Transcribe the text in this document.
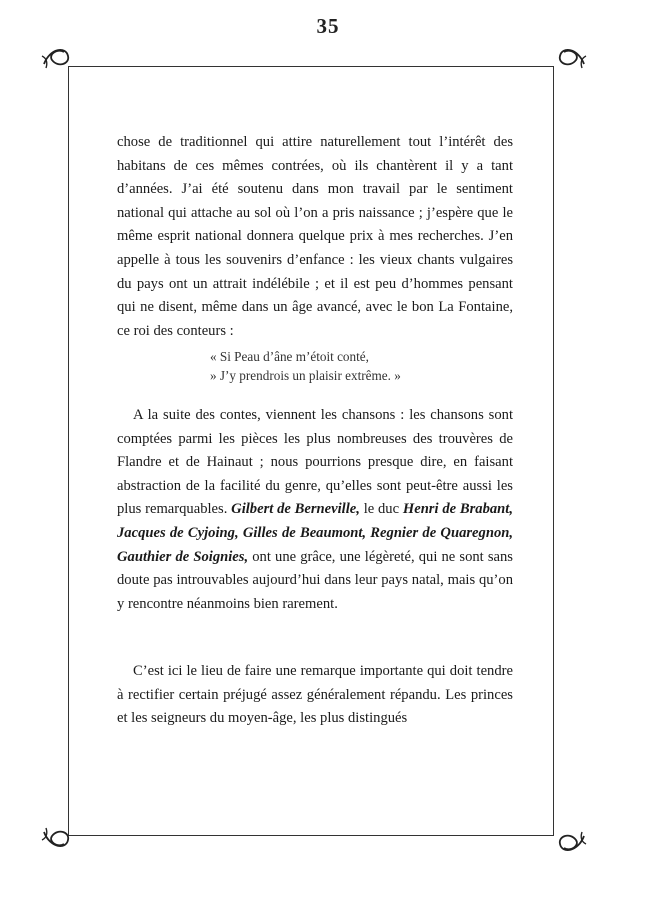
35

chose de traditionnel qui attire naturellement tout l’intérêt des habitans de ces mêmes contrées, où ils chantèrent il y a tant d’années. J’ai été soutenu dans mon travail par le sentiment national qui attache au sol où l’on a pris naissance ; j’espère que le même esprit national donnera quelque prix à mes recherches. J’en appelle à tous les souvenirs d’enfance : les vieux chants vulgaires du pays ont un attrait indélébile ; et il est peu d’hommes pensant qui ne disent, même dans un âge avancé, avec le bon La Fontaine, ce roi des conteurs :

« Si Peau d’âne m’étoit conté,
» J’y prendrois un plaisir extrême. »

A la suite des contes, viennent les chansons : les chansons sont comptées parmi les pièces les plus nombreuses des trouvères de Flandre et de Hainaut ; nous pourrions presque dire, en faisant abstraction de la facilité du genre, qu’elles sont peut-être aussi les plus remarquables. Gilbert de Berneville, le duc Henri de Brabant, Jacques de Cyjoing, Gilles de Beaumont, Regnier de Quaregnon, Gauthier de Soignies, ont une grâce, une légèreté, qui ne sont sans doute pas introuvables aujourd’hui dans leur pays natal, mais qu’on y rencontre néanmoins bien rarement.

C’est ici le lieu de faire une remarque importante qui doit tendre à rectifier certain préjugé assez généralement répandu. Les princes et les seigneurs du moyen-âge, les plus distingués
